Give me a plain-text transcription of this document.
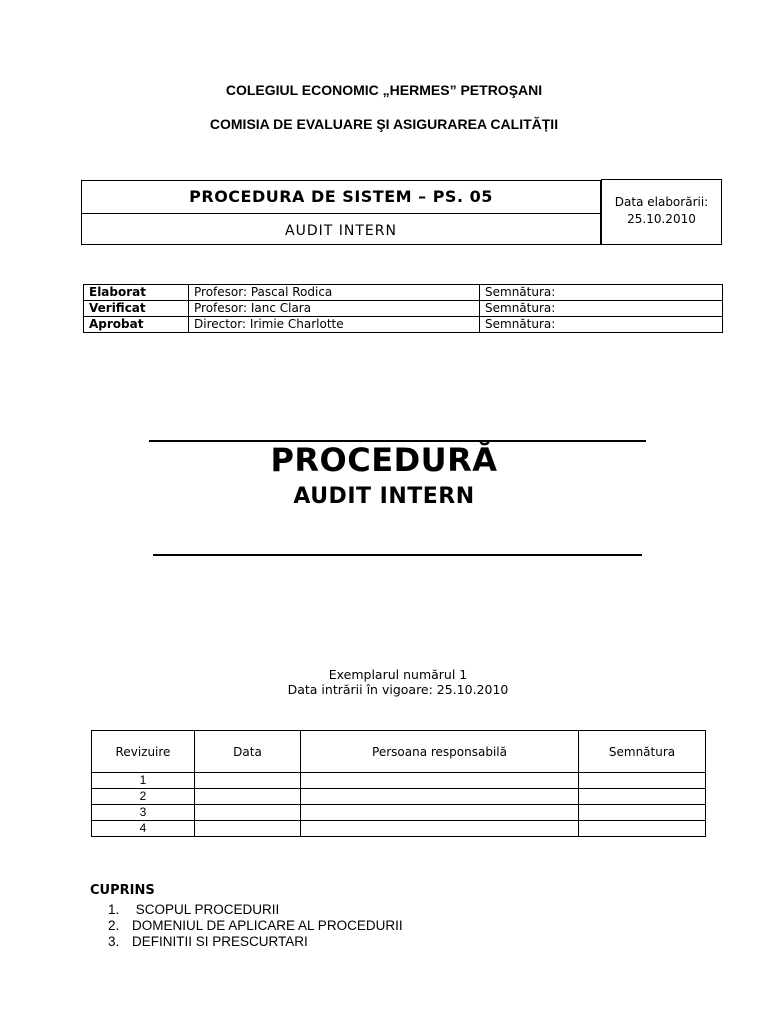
COLEGIUL ECONOMIC „HERMES” PETROŞANI
COMISIA DE EVALUARE ŞI ASIGURAREA CALITĂȚII
PROCEDURA DE SISTEM – PS. 05
AUDIT INTERN
Data elaborării:
25.10.2010
Elaborat	Profesor: Pascal Rodica	Semnătura:
Verificat	Profesor: Ianc Clara	Semnătura:
Aprobat	Director: Irimie Charlotte	Semnătura:
PROCEDURĂ
AUDIT INTERN
Exemplarul numărul 1
Data intrării în vigoare: 25.10.2010
Revizuire	Data	Persoana responsabilă	Semnătura
1			
2			
3			
4			
CUPRINS
1. SCOPUL PROCEDURII
2. DOMENIUL DE APLICARE AL PROCEDURII
3. DEFINITII SI PRESCURTARI
